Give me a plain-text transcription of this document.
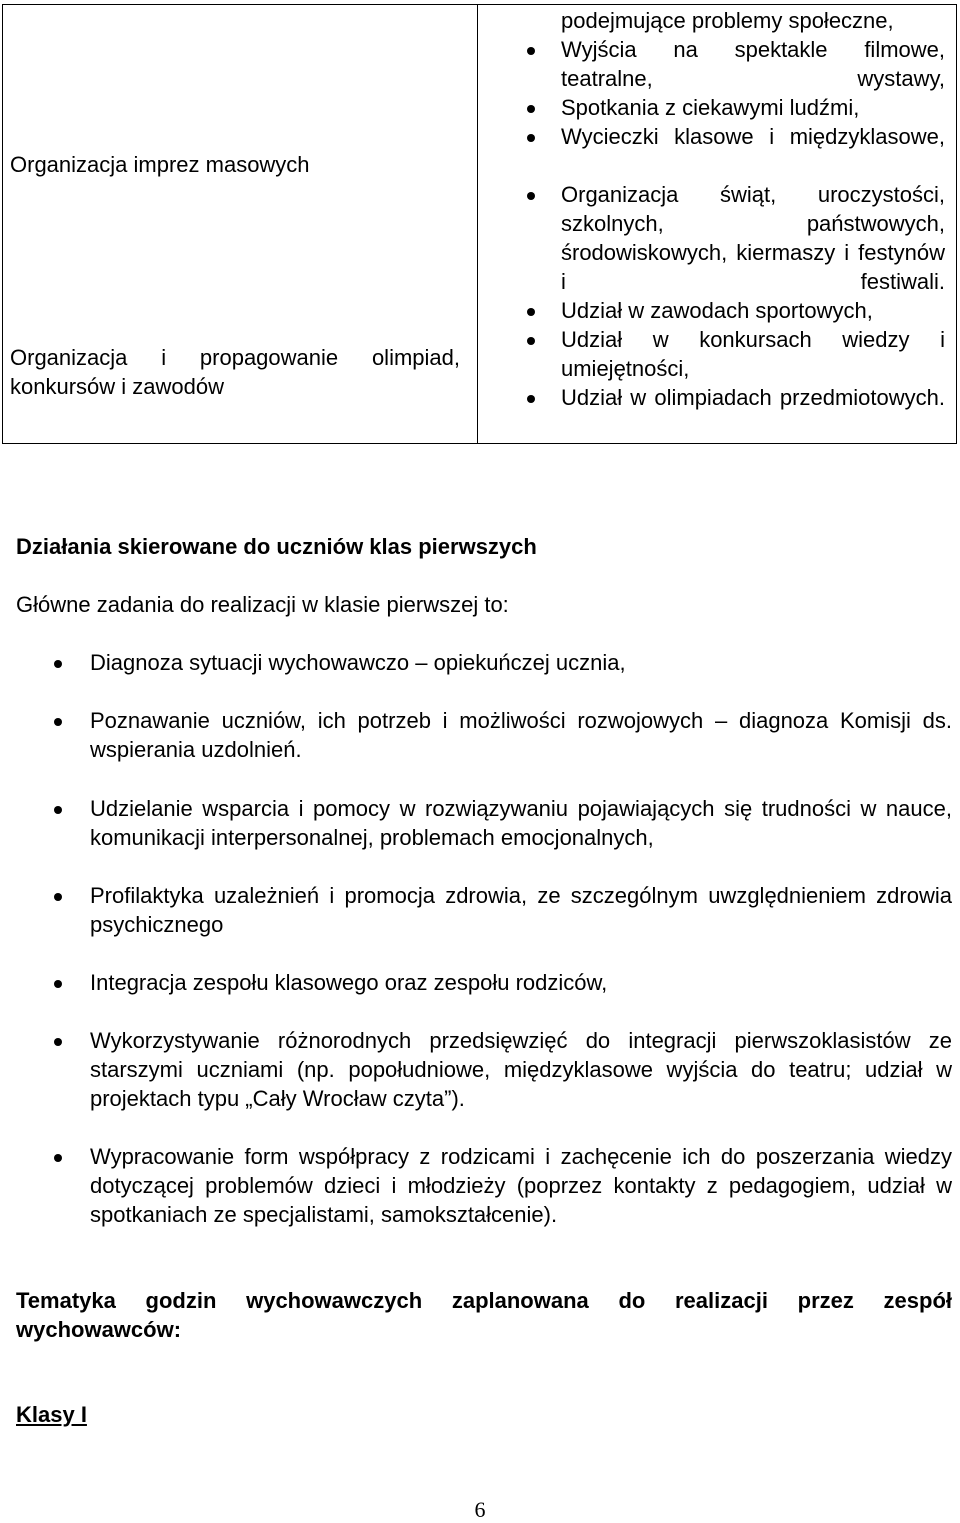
Organizacja imprez masowych
Organizacja i propagowanie olimpiad, konkursów i zawodów
podejmujące problemy społeczne,
Wyjścia na spektakle filmowe, teatralne, wystawy,
Spotkania z ciekawymi ludźmi,
Wycieczki klasowe i międzyklasowe,
Organizacja świąt, uroczystości, szkolnych, państwowych, środowiskowych, kiermaszy i festynów i festiwali.
Udział w zawodach sportowych,
Udział w konkursach wiedzy i umiejętności,
Udział w olimpiadach przedmiotowych.
Działania skierowane do uczniów klas pierwszych
Główne zadania do realizacji w klasie pierwszej to:
Diagnoza sytuacji wychowawczo – opiekuńczej ucznia,
Poznawanie uczniów, ich potrzeb i możliwości rozwojowych – diagnoza Komisji ds. wspierania uzdolnień.
Udzielanie wsparcia i pomocy w rozwiązywaniu pojawiających się trudności w nauce, komunikacji interpersonalnej, problemach emocjonalnych,
Profilaktyka uzależnień i promocja zdrowia, ze szczególnym uwzględnieniem zdrowia psychicznego
Integracja zespołu klasowego oraz zespołu rodziców,
Wykorzystywanie różnorodnych przedsięwzięć do integracji pierwszoklasistów ze starszymi uczniami (np. popołudniowe, międzyklasowe wyjścia do teatru; udział w projektach typu „Cały Wrocław czyta”).
Wypracowanie form współpracy z rodzicami i zachęcenie ich do poszerzania wiedzy dotyczącej problemów dzieci i młodzieży (poprzez kontakty z pedagogiem, udział w spotkaniach ze specjalistami, samokształcenie).
Tematyka godzin wychowawczych zaplanowana do realizacji przez zespół wychowawców:
Klasy I
6
